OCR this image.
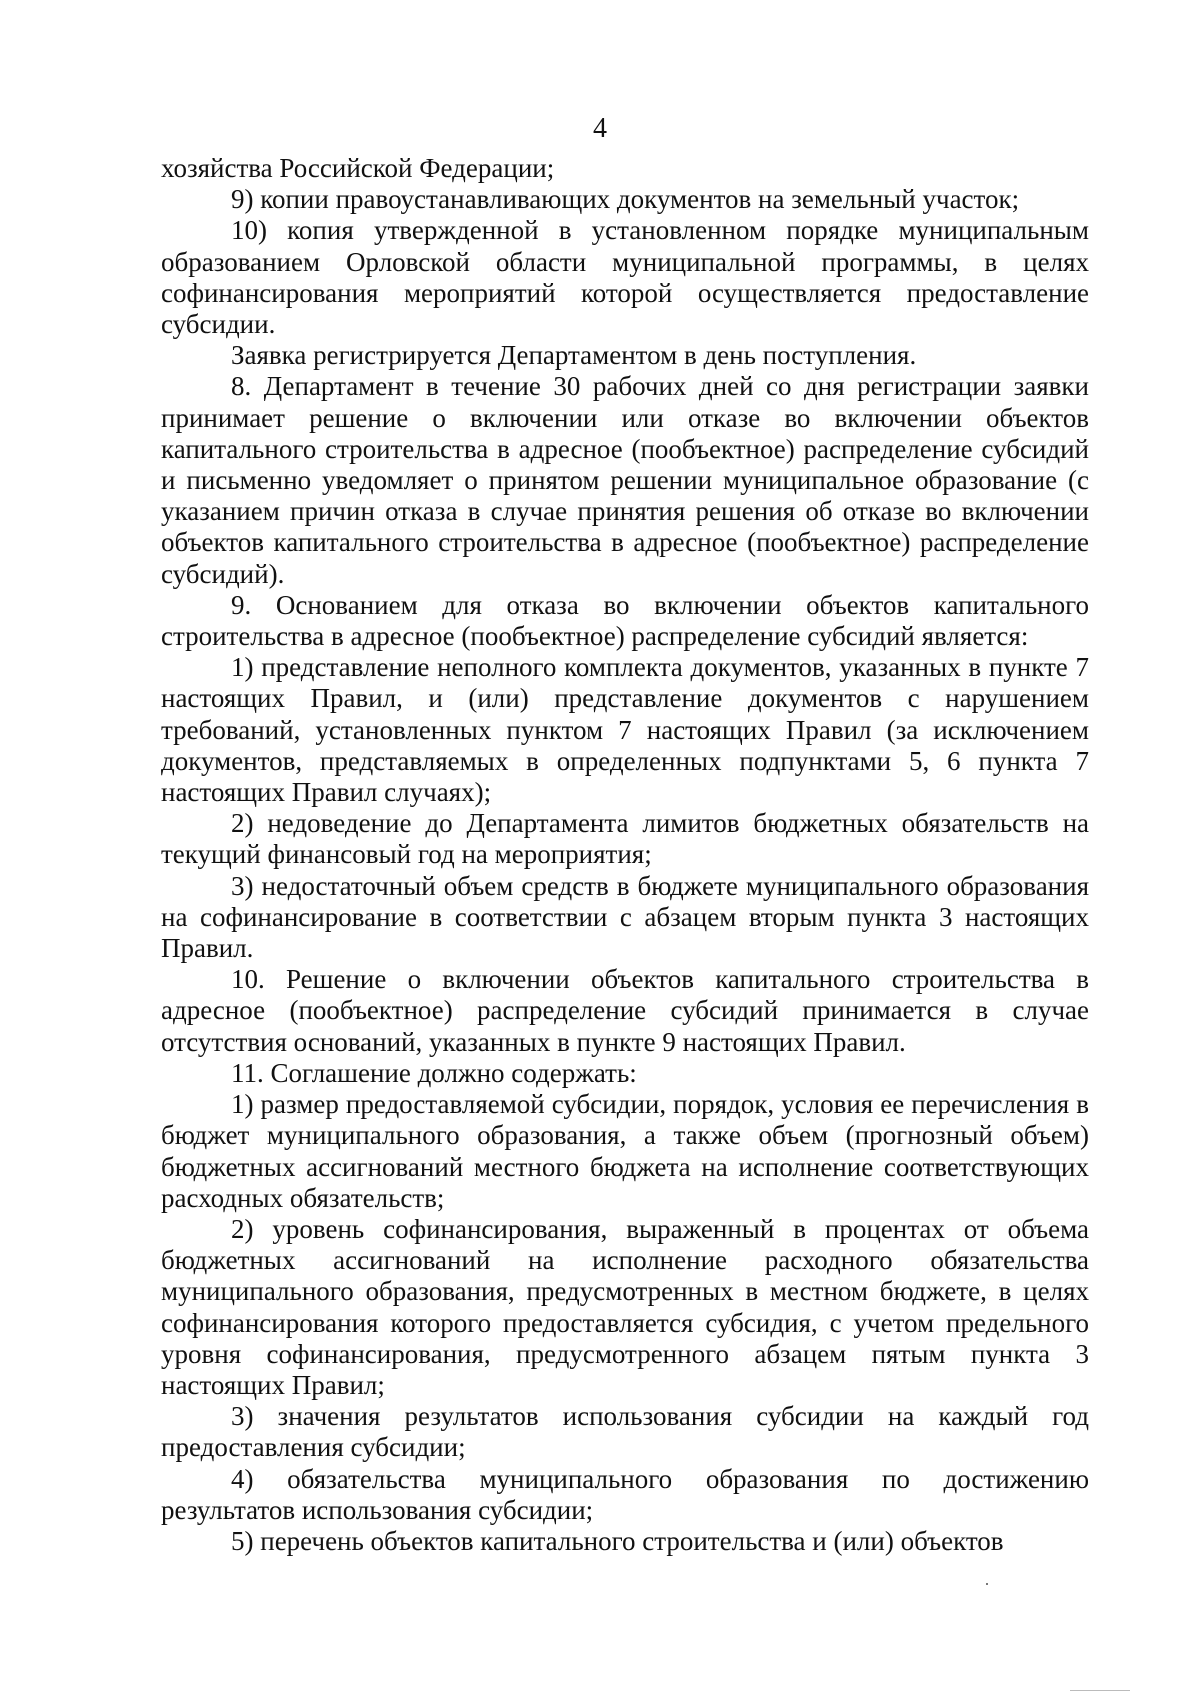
4

хозяйства Российской Федерации;

9) копии правоустанавливающих документов на земельный участок;

10) копия утвержденной в установленном порядке муниципальным образованием Орловской области муниципальной программы, в целях софинансирования мероприятий которой осуществляется предоставление субсидии.

Заявка регистрируется Департаментом в день поступления.

8. Департамент в течение 30 рабочих дней со дня регистрации заявки принимает решение о включении или отказе во включении объектов капитального строительства в адресное (пообъектное) распределение субсидий и письменно уведомляет о принятом решении муниципальное образование (с указанием причин отказа в случае принятия решения об отказе во включении объектов капитального строительства в адресное (пообъектное) распределение субсидий).

9. Основанием для отказа во включении объектов капитального строительства в адресное (пообъектное) распределение субсидий является:

1) представление неполного комплекта документов, указанных в пункте 7 настоящих Правил, и (или) представление документов с нарушением требований, установленных пунктом 7 настоящих Правил (за исключением документов, представляемых в определенных подпунктами 5, 6 пункта 7 настоящих Правил случаях);

2) недоведение до Департамента лимитов бюджетных обязательств на текущий финансовый год на мероприятия;

3) недостаточный объем средств в бюджете муниципального образования на софинансирование в соответствии с абзацем вторым пункта 3 настоящих Правил.

10. Решение о включении объектов капитального строительства в адресное (пообъектное) распределение субсидий принимается в случае отсутствия оснований, указанных в пункте 9 настоящих Правил.

11. Соглашение должно содержать:

1) размер предоставляемой субсидии, порядок, условия ее перечисления в бюджет муниципального образования, а также объем (прогнозный объем) бюджетных ассигнований местного бюджета на исполнение соответствующих расходных обязательств;

2) уровень софинансирования, выраженный в процентах от объема бюджетных ассигнований на исполнение расходного обязательства муниципального образования, предусмотренных в местном бюджете, в целях софинансирования которого предоставляется субсидия, с учетом предельного уровня софинансирования, предусмотренного абзацем пятым пункта 3 настоящих Правил;

3) значения результатов использования субсидии на каждый год предоставления субсидии;

4) обязательства муниципального образования по достижению результатов использования субсидии;

5) перечень объектов капитального строительства и (или) объектов
